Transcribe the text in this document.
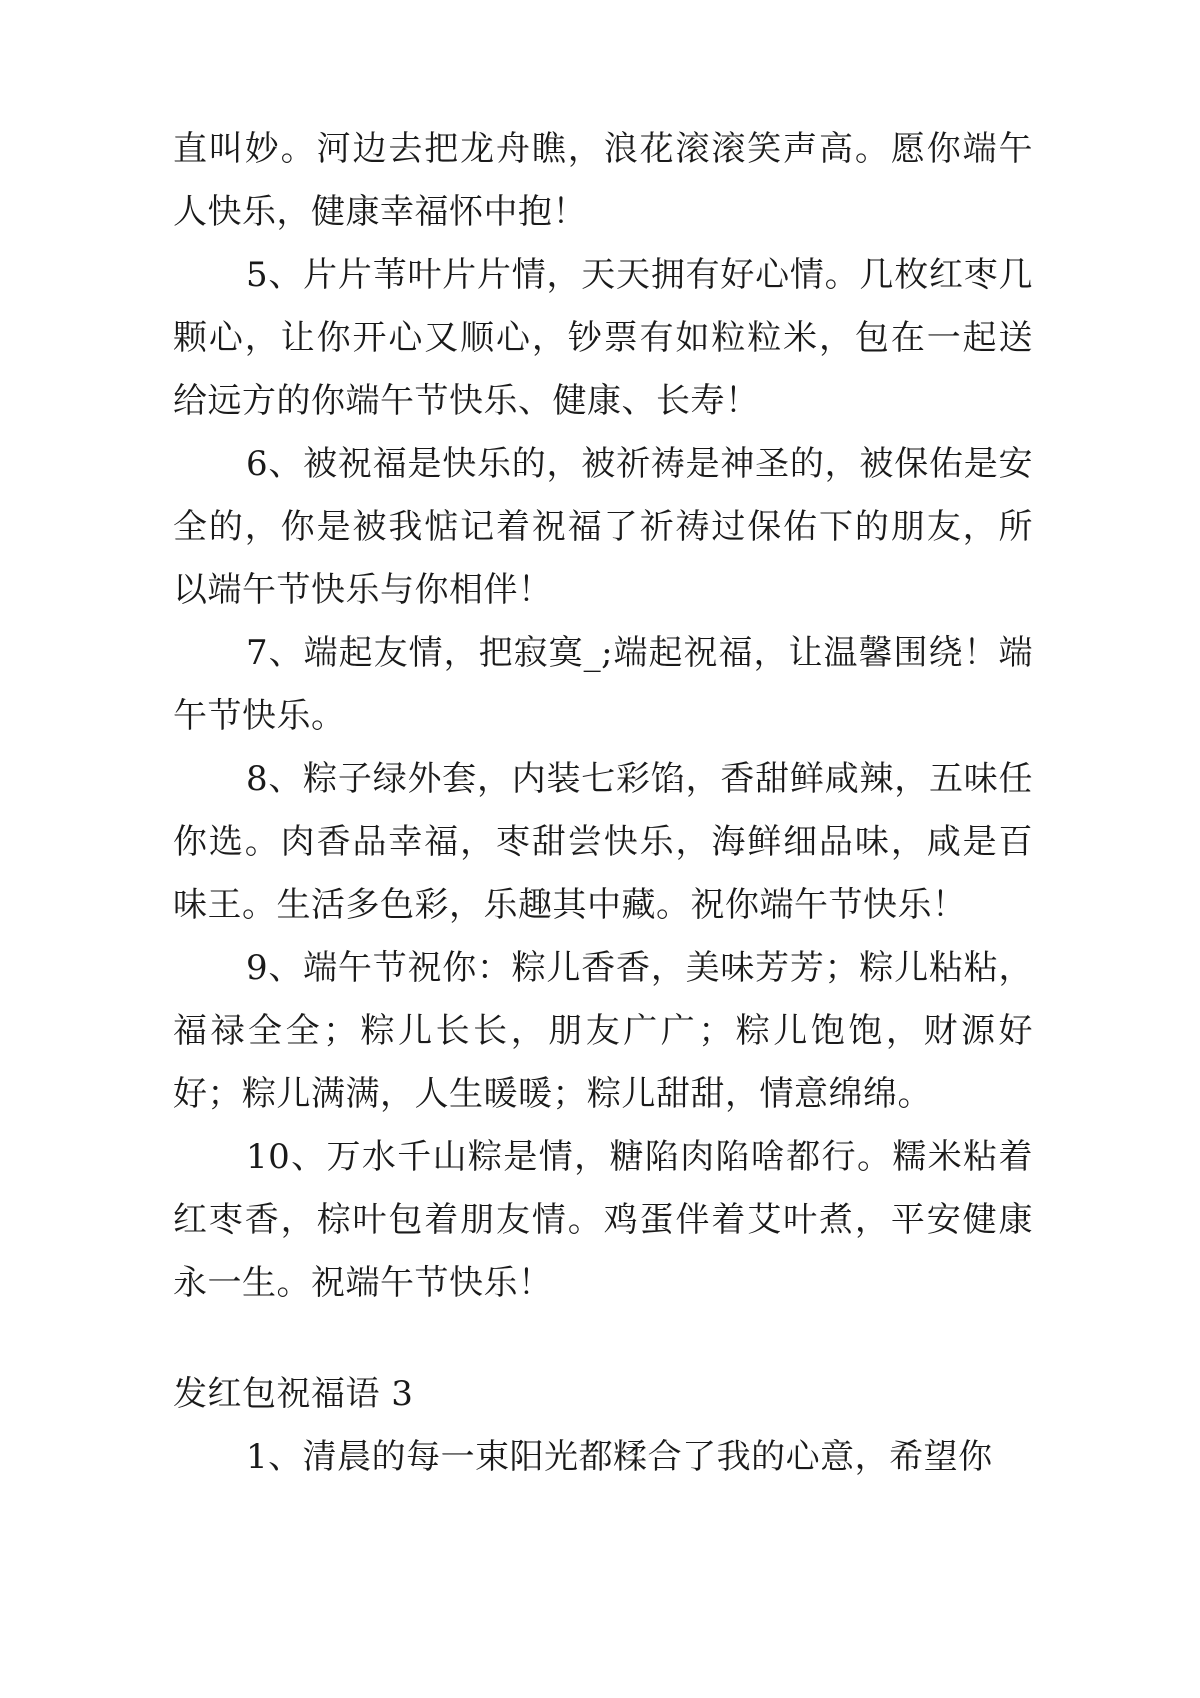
直叫妙。河边去把龙舟瞧，浪花滚滚笑声高。愿你端午人快乐，健康幸福怀中抱！

5、片片苇叶片片情，天天拥有好心情。几枚红枣几颗心，让你开心又顺心，钞票有如粒粒米，包在一起送给远方的你端午节快乐、健康、长寿！

6、被祝福是快乐的，被祈祷是神圣的，被保佑是安全的，你是被我惦记着祝福了祈祷过保佑下的朋友，所以端午节快乐与你相伴！

7、端起友情，把寂寞_;端起祝福，让温馨围绕！端午节快乐。

8、粽子绿外套，内装七彩馅，香甜鲜咸辣，五味任你选。肉香品幸福，枣甜尝快乐，海鲜细品味，咸是百味王。生活多色彩，乐趣其中藏。祝你端午节快乐！

9、端午节祝你：粽儿香香，美味芳芳；粽儿粘粘，福禄全全；粽儿长长，朋友广广；粽儿饱饱，财源好好；粽儿满满，人生暖暖；粽儿甜甜，情意绵绵。

10、万水千山粽是情，糖陷肉陷啥都行。糯米粘着红枣香，棕叶包着朋友情。鸡蛋伴着艾叶煮，平安健康永一生。祝端午节快乐！

发红包祝福语 3

1、清晨的每一束阳光都糅合了我的心意，希望你
